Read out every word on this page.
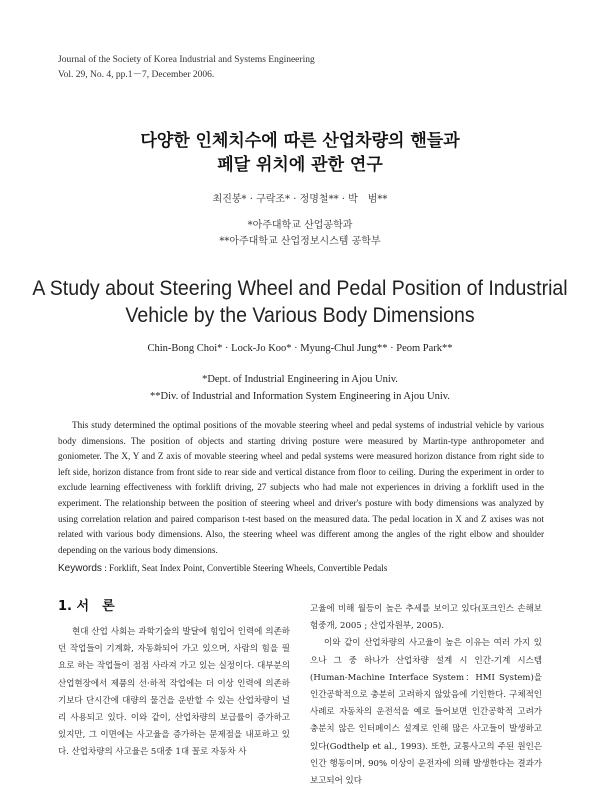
Journal of the Society of Korea Industrial and Systems Engineering
Vol. 29, No. 4, pp.1－7, December 2006.
다양한 인체치수에 따른 산업차량의 핸들과
페달 위치에 관한 연구
최진봉* · 구락조* · 정명철** · 박　범**
*아주대학교 산업공학과
**아주대학교 산업정보시스템 공학부
A Study about Steering Wheel and Pedal Position of Industrial
Vehicle by the Various Body Dimensions
Chin-Bong Choi* · Lock-Jo Koo* · Myung-Chul Jung** · Peom Park**
*Dept. of Industrial Engineering in Ajou Univ.
**Div. of Industrial and Information System Engineering in Ajou Univ.

This study determined the optimal positions of the movable steering wheel and pedal systems of industrial vehicle by various body dimensions. The position of objects and starting driving posture were measured by Martin-type anthropometer and goniometer. The X, Y and Z axis of movable steering wheel and pedal systems were measured horizon distance from right side to left side, horizon distance from front side to rear side and vertical distance from floor to ceiling. During the experiment in order to exclude learning effectiveness with forklift driving, 27 subjects who had male not experiences in driving a forklift used in the experiment. The relationship between the position of steering wheel and driver's posture with body dimensions was analyzed by using correlation relation and paired comparison t-test based on the measured data. The pedal location in X and Z axises was not related with various body dimensions. Also, the steering wheel was different among the angles of the right elbow and shoulder depending on the various body dimensions.

Keywords : Forklift, Seat Index Point, Convertible Steering Wheels, Convertible Pedals
1. 서　론

현대 산업 사회는 과학기술의 발달에 힘입어 인력에 의존하던 작업들이 기계화, 자동화되어 가고 있으며, 사람의 힘을 필요로 하는 작업들이 점점 사라져 가고 있는 실정이다. 대부분의 산업현장에서 제품의 선·하적 작업에는 더 이상 인력에 의존하기보다 단시간에 대량의 물건을 운반할 수 있는 산업차량이 널리 사용되고 있다. 이와 같이, 산업차량의 보급률이 증가하고 있지만, 그 이면에는 사고율을 증가하는 문제점을 내포하고 있다. 산업차량의 사고율은 5대중 1대 꼴로 자동차 사

고율에 비해 월등이 높은 추세를 보이고 있다(포크인스 손해보험중개, 2005 ; 산업자원부, 2005).

이와 같이 산업차량의 사고율이 높은 이유는 여러 가지 있으나 그 중 하나가 산업차량 설계 시 인간-기계 시스템(Human-Machine Interface System：HMI System)을 인간공학적으로 충분히 고려하지 않았음에 기인한다. 구체적인 사례로 자동차의 운전석을 예로 들어보면 인간공학적 고려가 충분치 않은 인터페이스 설계로 인해 많은 사고들이 발생하고 있다(Godthelp et al., 1993). 또한, 교통사고의 주된 원인은 인간 행동이며, 90% 이상이 운전자에 의해 발생한다는 결과가 보고되어 있다
